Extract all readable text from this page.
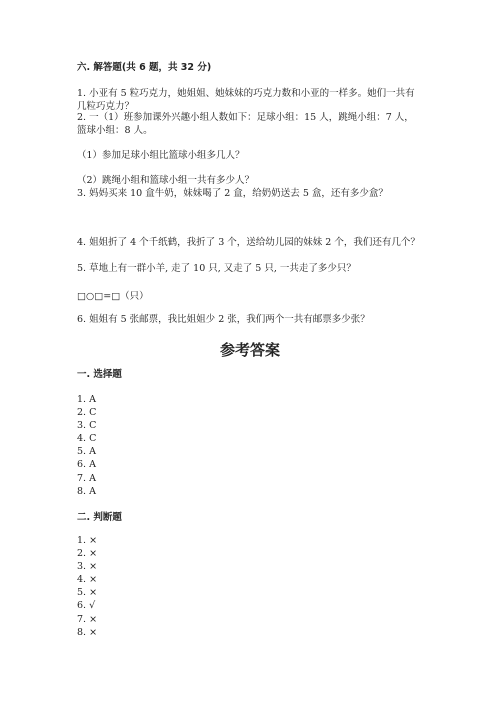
六. 解答题(共 6 题，共 32 分)
1. 小亚有 5 粒巧克力，她姐姐、她妹妹的巧克力数和小亚的一样多。她们一共有几粒巧克力？
2. 一（1）班参加课外兴趣小组人数如下：足球小组：15 人，跳绳小组：7 人，篮球小组：8 人。
（1）参加足球小组比篮球小组多几人？
（2）跳绳小组和篮球小组一共有多少人？
3. 妈妈买来 10 盒牛奶，妹妹喝了 2 盒，给奶奶送去 5 盒，还有多少盒？
4. 姐姐折了 4 个千纸鹤，我折了 3 个，送给幼儿园的妹妹 2 个，我们还有几个？
5. 草地上有一群小羊, 走了 10 只, 又走了 5 只, 一共走了多少只？
□○□=□（只）
6. 姐姐有 5 张邮票，我比姐姐少 2 张，我们两个一共有邮票多少张？
参考答案
一. 选择题
1. A
2. C
3. C
4. C
5. A
6. A
7. A
8. A
二. 判断题
1. ×
2. ×
3. ×
4. ×
5. ×
6. √
7. ×
8. ×
